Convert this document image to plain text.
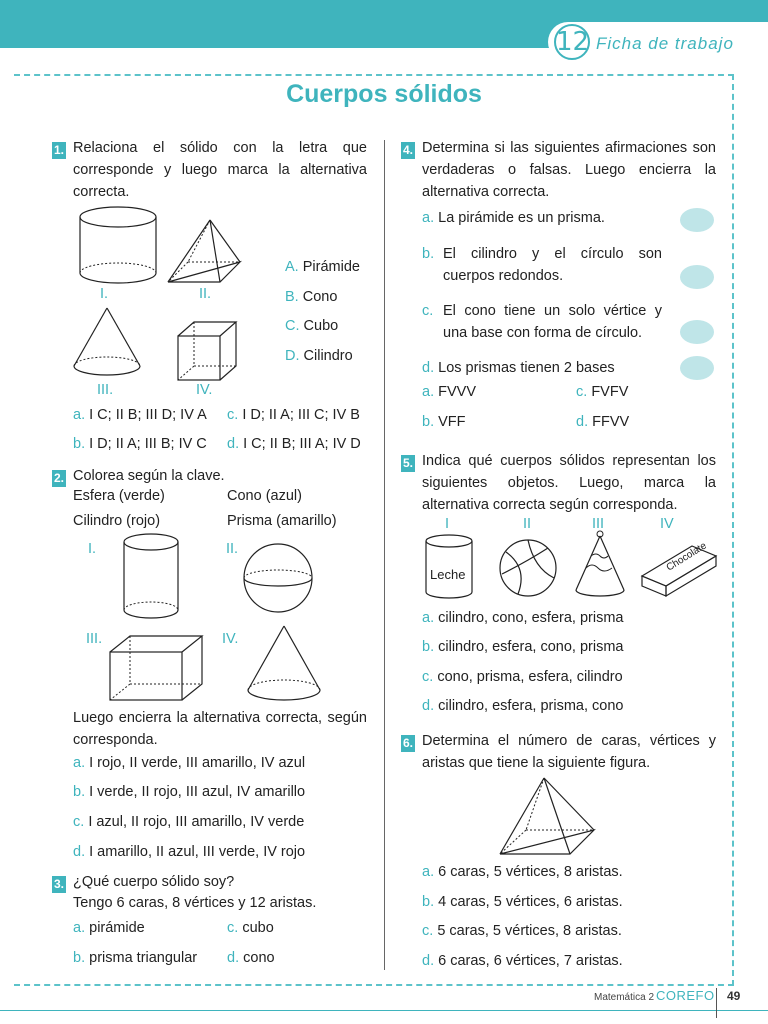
12 Ficha de trabajo
Cuerpos sólidos
1. Relaciona el sólido con la letra que corresponde y luego marca la alternativa correcta.
I.	II.
A. Pirámide
B. Cono
C. Cubo
D. Cilindro
III.	IV.
a. I C; II B; III D; IV A c. I D; II A; III C; IV B
b. I D; II A; III B; IV C d. I C; II B; III A; IV D
2. Colorea según la clave.
Esfera (verde)	Cono (azul)
Cilindro (rojo)	Prisma (amarillo)
I.	II.
III.	IV.
Luego encierra la alternativa correcta, según corresponda.
a. I rojo, II verde, III amarillo, IV azul
b. I verde, II rojo, III azul, IV amarillo
c. I azul, II rojo, III amarillo, IV verde
d. I amarillo, II azul, III verde, IV rojo
3. ¿Qué cuerpo sólido soy?
Tengo 6 caras, 8 vértices y 12 aristas.
a. pirámide	c. cubo
b. prisma triangular d. cono
4. Determina si las siguientes afirmaciones son verdaderas o falsas. Luego encierra la alternativa correcta.
a. La pirámide es un prisma.
b. El cilindro y el círculo son cuerpos redondos.
c. El cono tiene un solo vértice y una base con forma de círculo.
d. Los prismas tienen 2 bases
a. FVVV	c. FVFV
b. VFF	d. FFVV
5. Indica qué cuerpos sólidos representan los siguientes objetos. Luego, marca la alternativa correcta según corresponda.
I	II	III	IV
Leche
Chocolate
a. cilindro, cono, esfera, prisma
b. cilindro, esfera, cono, prisma
c. cono, prisma, esfera, cilindro
d. cilindro, esfera, prisma, cono
6. Determina el número de caras, vértices y aristas que tiene la siguiente figura.
a. 6 caras, 5 vértices, 8 aristas.
b. 4 caras, 5 vértices, 6 aristas.
c. 5 caras, 5 vértices, 8 aristas.
d. 6 caras, 6 vértices, 7 aristas.
Matemática 2 COREFO 49
